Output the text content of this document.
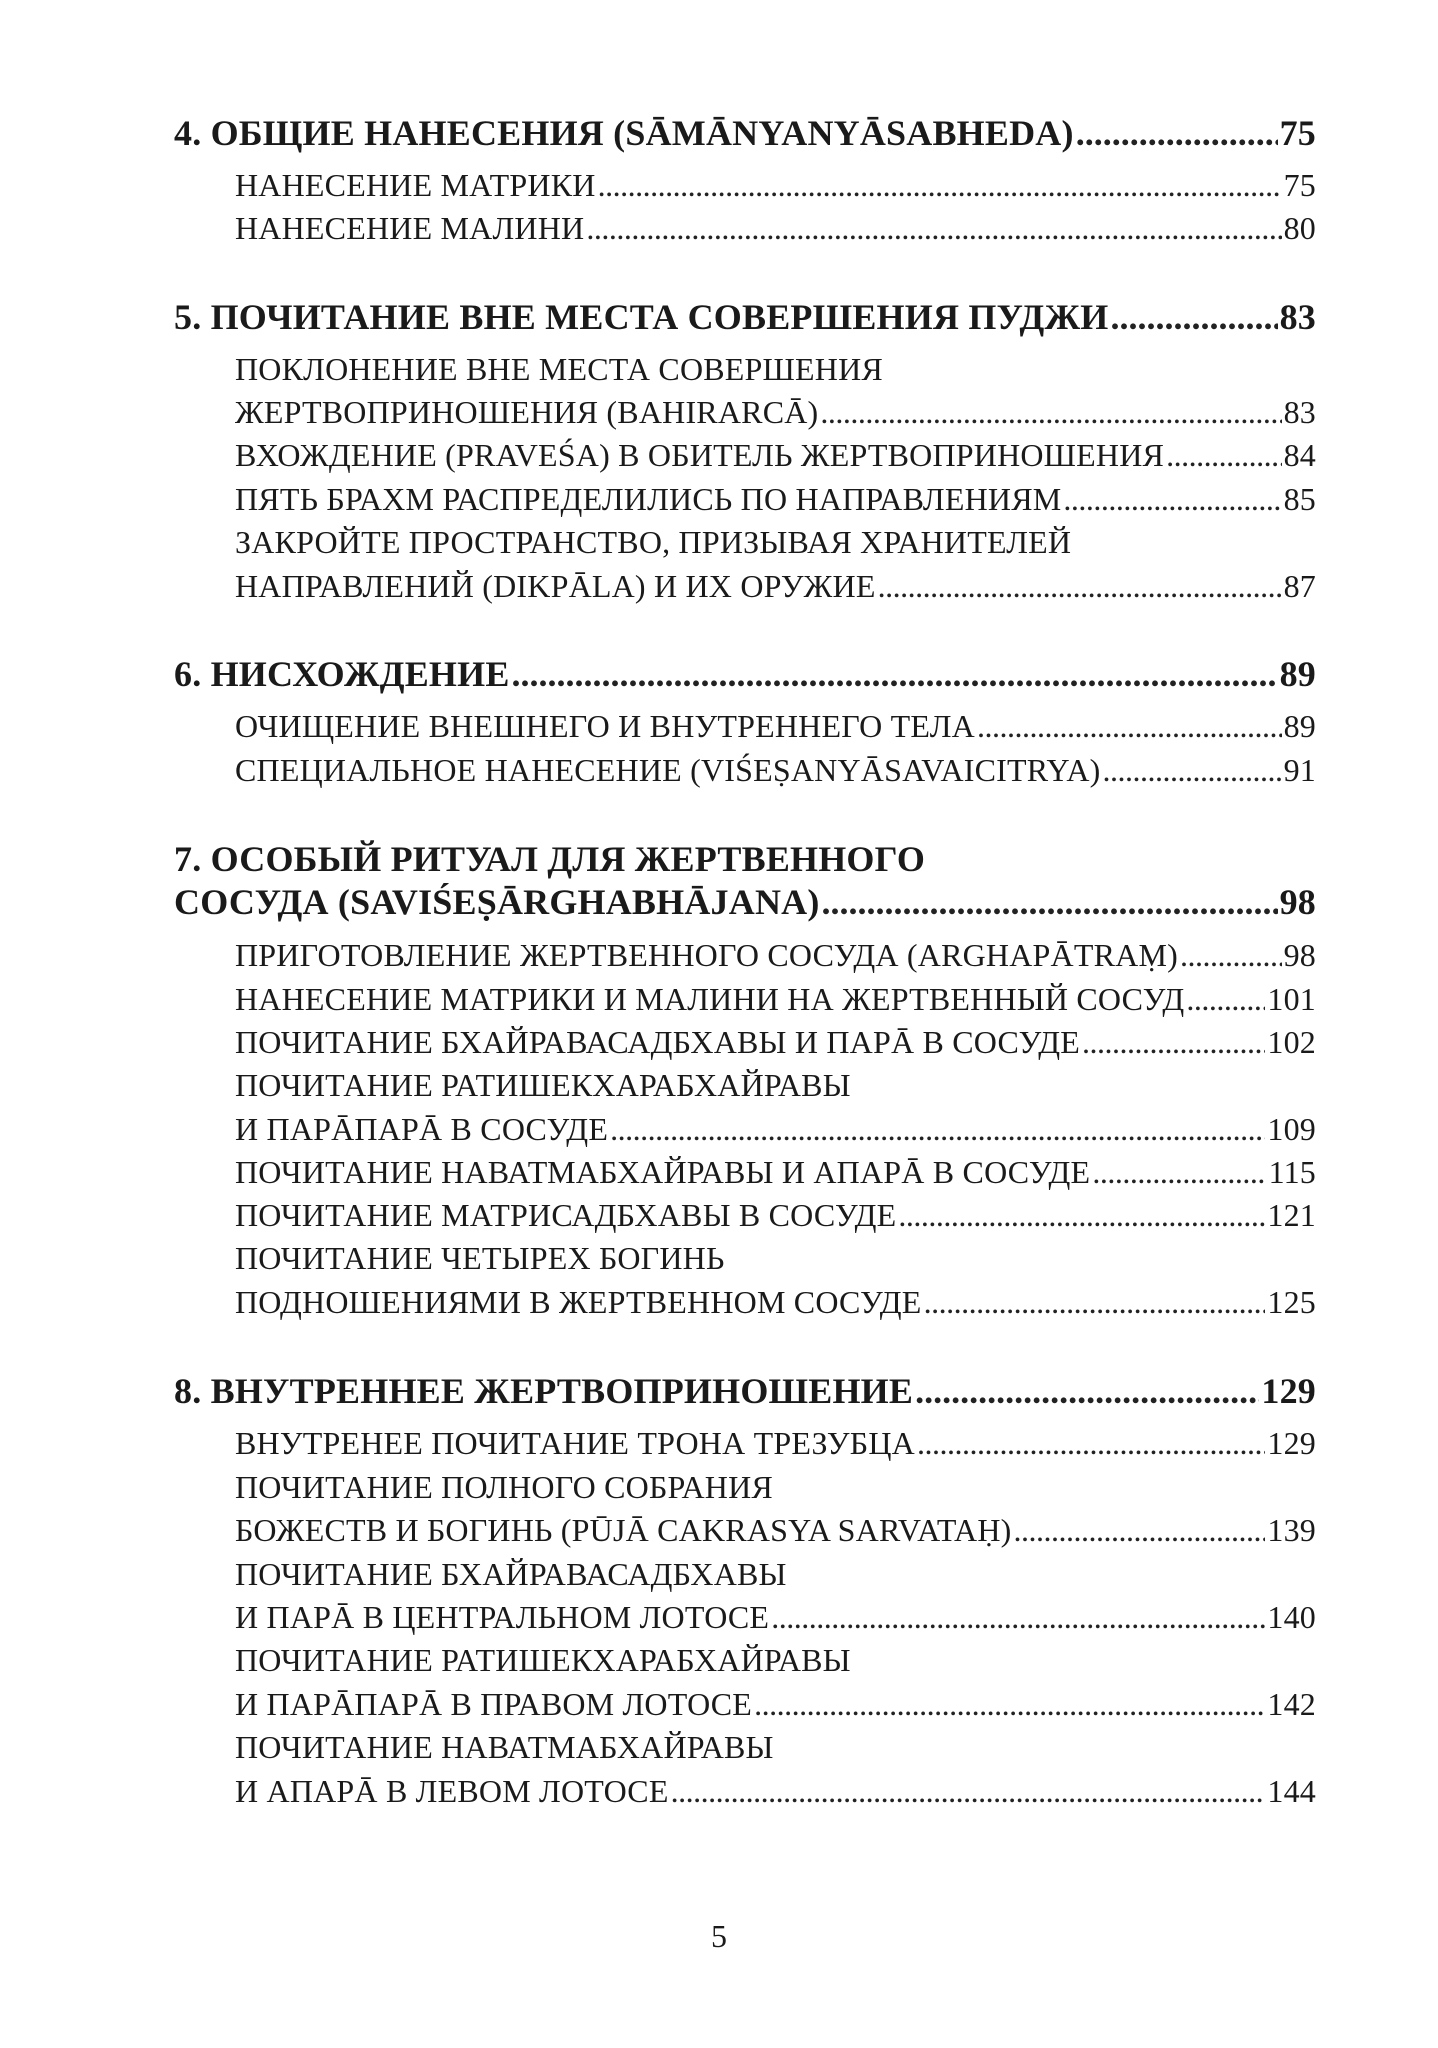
4. ОБЩИЕ НАНЕСЕНИЯ (SĀMĀNYANYĀSABHEDA) .....	75
НАНЕСЕНИЕ МАТРИКИ .....	75
НАНЕСЕНИЕ МАЛИНИ .....	80
5. ПОЧИТАНИЕ ВНЕ МЕСТА СОВЕРШЕНИЯ ПУДЖИ .....	83
ПОКЛОНЕНИЕ ВНЕ МЕСТА СОВЕРШЕНИЯ
ЖЕРТВОПРИНОШЕНИЯ (BAHIRARCĀ) .....	83
ВХОЖДЕНИЕ (PRAVEŚA) В ОБИТЕЛЬ ЖЕРТВОПРИНОШЕНИЯ .....	84
ПЯТЬ БРАХМ РАСПРЕДЕЛИЛИСЬ ПО НАПРАВЛЕНИЯМ .....	85
ЗАКРОЙТЕ ПРОСТРАНСТВО, ПРИЗЫВАЯ ХРАНИТЕЛЕЙ
НАПРАВЛЕНИЙ (DIKPĀLA) И ИХ ОРУЖИЕ .....	87
6. НИСХОЖДЕНИЕ .....	89
ОЧИЩЕНИЕ ВНЕШНЕГО И ВНУТРЕННЕГО ТЕЛА .....	89
СПЕЦИАЛЬНОЕ НАНЕСЕНИЕ (VIŚEṢANYĀSAVAICITRYA) .....	91
7. ОСОБЫЙ РИТУАЛ ДЛЯ ЖЕРТВЕННОГО
СОСУДА (SAVIŚEṢĀRGHABHĀJANA) .....	98
ПРИГОТОВЛЕНИЕ ЖЕРТВЕННОГО СОСУДА (ARGHAPĀTRAṂ) .....	98
НАНЕСЕНИЕ МАТРИКИ И МАЛИНИ НА ЖЕРТВЕННЫЙ СОСУД .....	101
ПОЧИТАНИЕ БХАЙРАВАСАДБХАВЫ И ПАРĀ В СОСУДЕ .....	102
ПОЧИТАНИЕ РАТИШЕКХАРАБХАЙРАВЫ
И ПАРĀПАРĀ В СОСУДЕ .....	109
ПОЧИТАНИЕ НАВАТМАБХАЙРАВЫ И АПАРĀ В СОСУДЕ .....	115
ПОЧИТАНИЕ МАТРИСАДБХАВЫ В СОСУДЕ .....	121
ПОЧИТАНИЕ ЧЕТЫРЕХ БОГИНЬ
ПОДНОШЕНИЯМИ В ЖЕРТВЕННОМ СОСУДЕ .....	125
8. ВНУТРЕННЕЕ ЖЕРТВОПРИНОШЕНИЕ .....	129
ВНУТРЕНЕЕ ПОЧИТАНИЕ ТРОНА ТРЕЗУБЦА .....	129
ПОЧИТАНИЕ ПОЛНОГО СОБРАНИЯ
БОЖЕСТВ И БОГИНЬ (PŪJĀ CAKRASYA SARVATAḤ) .....	139
ПОЧИТАНИЕ БХАЙРАВАСАДБХАВЫ
И ПАРĀ В ЦЕНТРАЛЬНОМ ЛОТОСЕ .....	140
ПОЧИТАНИЕ РАТИШЕКХАРАБХАЙРАВЫ
И ПАРĀПАРĀ В ПРАВОМ ЛОТОСЕ .....	142
ПОЧИТАНИЕ НАВАТМАБХАЙРАВЫ
И АПАРĀ В ЛЕВОМ ЛОТОСЕ .....	144
5
